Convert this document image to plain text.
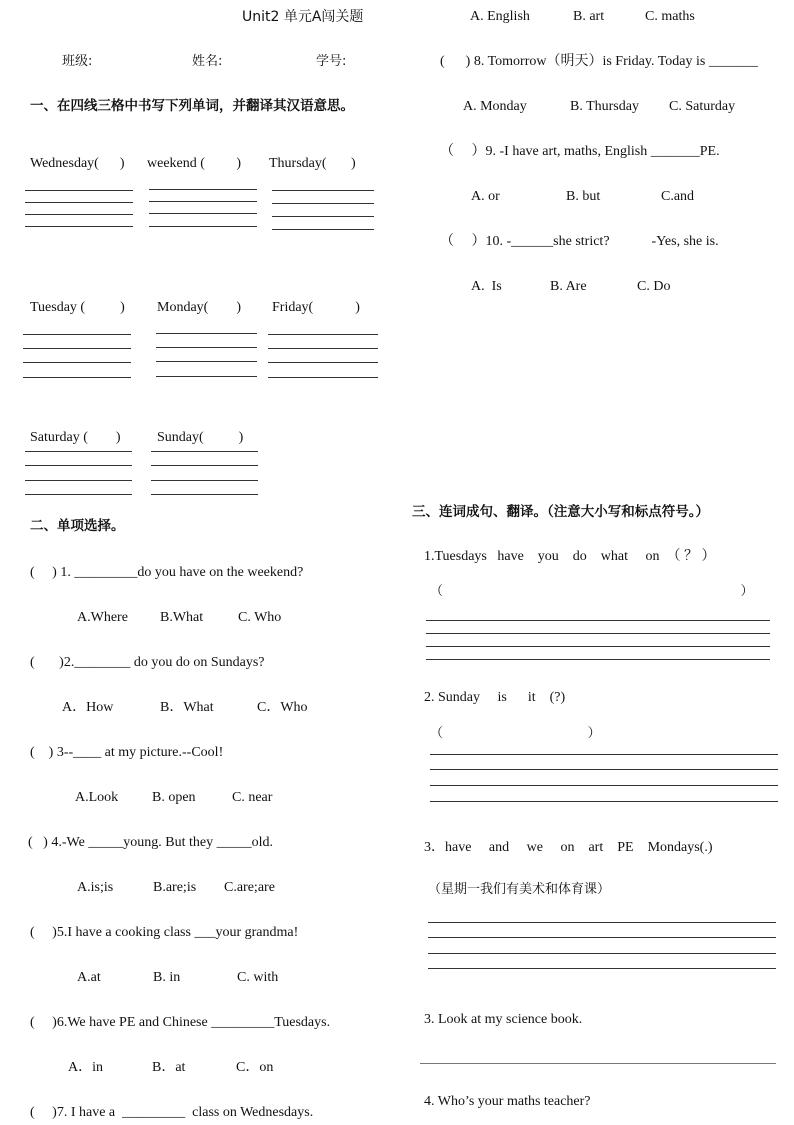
Unit2 单元A闯关题
班级:	姓名:	学号:
一、在四线三格中书写下列单词，并翻译其汉语意思。
Wednesday(      ) weekend (         ) Thursday(       )
Tuesday (          ) Monday(        ) Friday(            )
Saturday (        )	Sunday(          )
二、单项选择。
(     ) 1. _________do you have on the weekend?
A.Where B.What C. Who
(       )2.________ do you do on Sundays?
A．How	B．What	C．Who
(    ) 3--____ at my picture.--Cool!
A.Look B. open	C. near
(   ) 4.-We _____young. But they _____old.
A.is;is	B.are;is C.are;are
(     )5.I have a cooking class ___your grandma!
A.at	B. in	C. with
(     )6.We have PE and Chinese _________Tuesdays.
A．in	B．at	C．on
(     )7. I have a  _________  class on Wednesdays.
A. English	B. art	C. maths
(      ) 8. Tomorrow（明天）is Friday. Today is _______
A. Monday	B. Thursday C. Saturday
（     ）9. -I have art, maths, English _______PE.
A. or	B. but	C.and
（     ）10. -______she strict?            -Yes, she is.
A.  Is	B. Are	C. Do
三、连词成句、翻译。（注意大小写和标点符号。）
1.Tuesdays   have    you    do    what     on  （ ？ ）
（                                                                        ）
2. Sunday     is      it    (?)
（                                   ）
3．have     and     we     on    art    PE    Mondays(.)
（星期一我们有美术和体育课）
3. Look at my science book.
4. Who’s your maths teacher?
